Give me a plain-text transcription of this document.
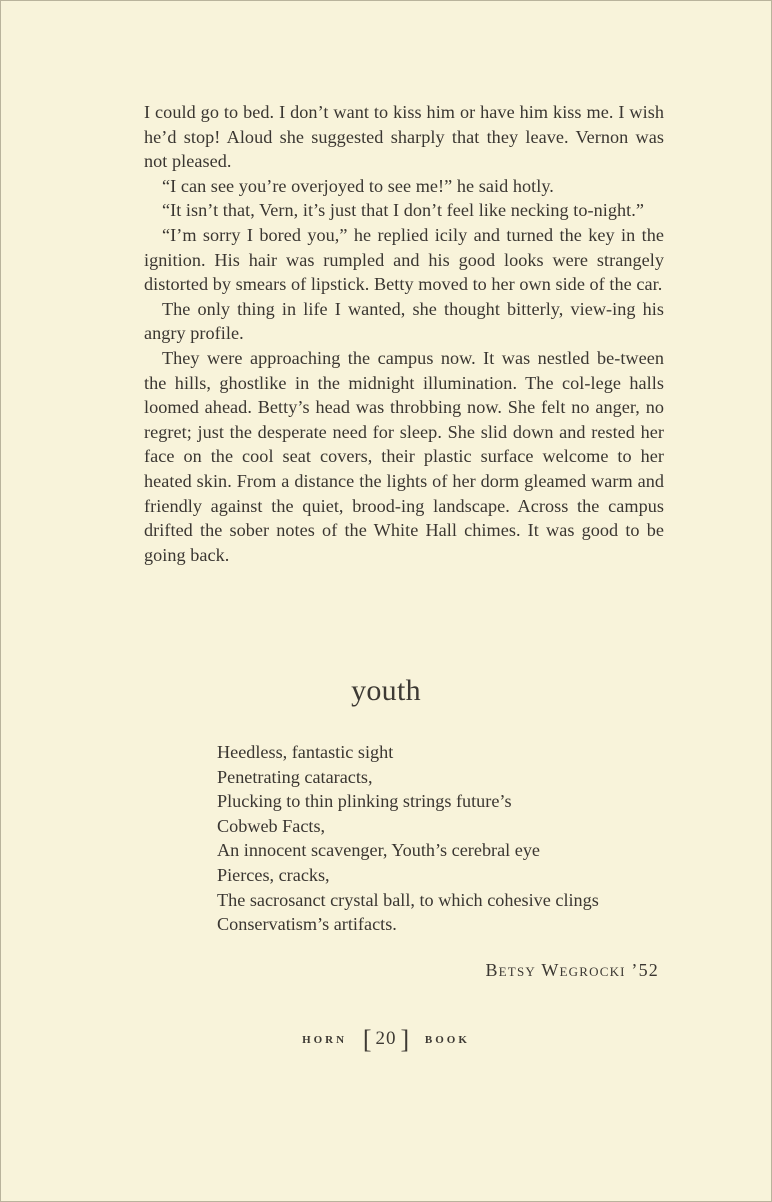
I could go to bed. I don’t want to kiss him or have him kiss me. I wish he’d stop! Aloud she suggested sharply that they leave. Vernon was not pleased.

“I can see you’re overjoyed to see me!” he said hotly.

“It isn’t that, Vern, it’s just that I don’t feel like necking to-night.”

“I’m sorry I bored you,” he replied icily and turned the key in the ignition. His hair was rumpled and his good looks were strangely distorted by smears of lipstick. Betty moved to her own side of the car.

The only thing in life I wanted, she thought bitterly, view-ing his angry profile.

They were approaching the campus now. It was nestled be-tween the hills, ghostlike in the midnight illumination. The col-lege halls loomed ahead. Betty’s head was throbbing now. She felt no anger, no regret; just the desperate need for sleep. She slid down and rested her face on the cool seat covers, their plastic surface welcome to her heated skin. From a distance the lights of her dorm gleamed warm and friendly against the quiet, brood-ing landscape. Across the campus drifted the sober notes of the White Hall chimes. It was good to be going back.

youth
Heedless, fantastic sight
Penetrating cataracts,
Plucking to thin plinking strings future’s
Cobweb Facts,
An innocent scavenger, Youth’s cerebral eye
Pierces, cracks,
The sacrosanct crystal ball, to which cohesive clings
Conservatism’s artifacts.
Betsy Wegrocki ’52
HORN [ 20 ] BOOK
